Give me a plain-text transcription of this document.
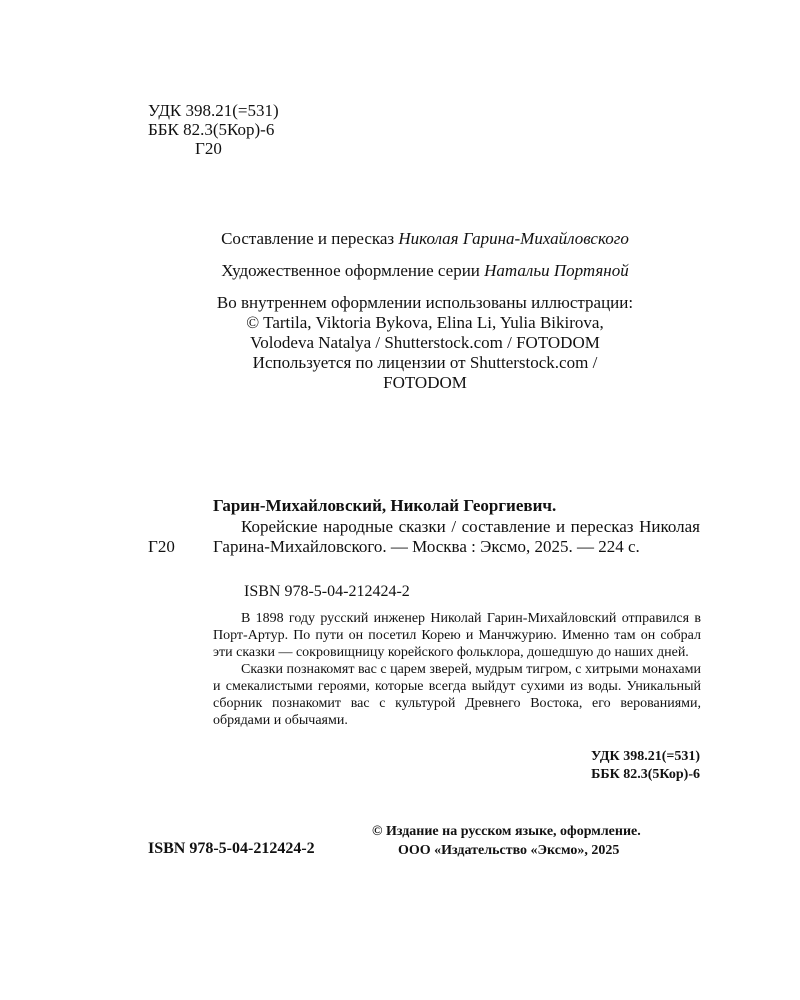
УДК 398.21(=531)
ББК 82.3(5Кор)-6
Г20
Составление и пересказ Николая Гарина-Михайловского
Художественное оформление серии Натальи Портяной
Во внутреннем оформлении использованы иллюстрации:
© Tartila, Viktoria Bykova, Elina Li, Yulia Bikirova,
Volodeva Natalya / Shutterstock.com / FOTODOM
Используется по лицензии от Shutterstock.com /
FOTODOM
Г20
Гарин-Михайловский, Николай Георгиевич.

Корейские народные сказки / составление и пересказ Николая Гарина-Михайловского. — Москва : Эксмо, 2025. — 224 с.

ISBN 978-5-04-212424-2

В 1898 году русский инженер Николай Гарин-Михайловский отправился в Порт-Артур. По пути он посетил Корею и Манчжурию. Именно там он собрал эти сказки — сокровищницу корейского фольклора, дошедшую до наших дней.

Сказки познакомят вас с царем зверей, мудрым тигром, с хитрыми монахами и смекалистыми героями, которые всегда выйдут сухими из воды. Уникальный сборник познакомит вас с культурой Древнего Востока, его верованиями, обрядами и обычаями.

УДК 398.21(=531)
ББК 82.3(5Кор)-6
ISBN 978-5-04-212424-2
© Издание на русском языке, оформление.
ООО «Издательство «Эксмо», 2025
